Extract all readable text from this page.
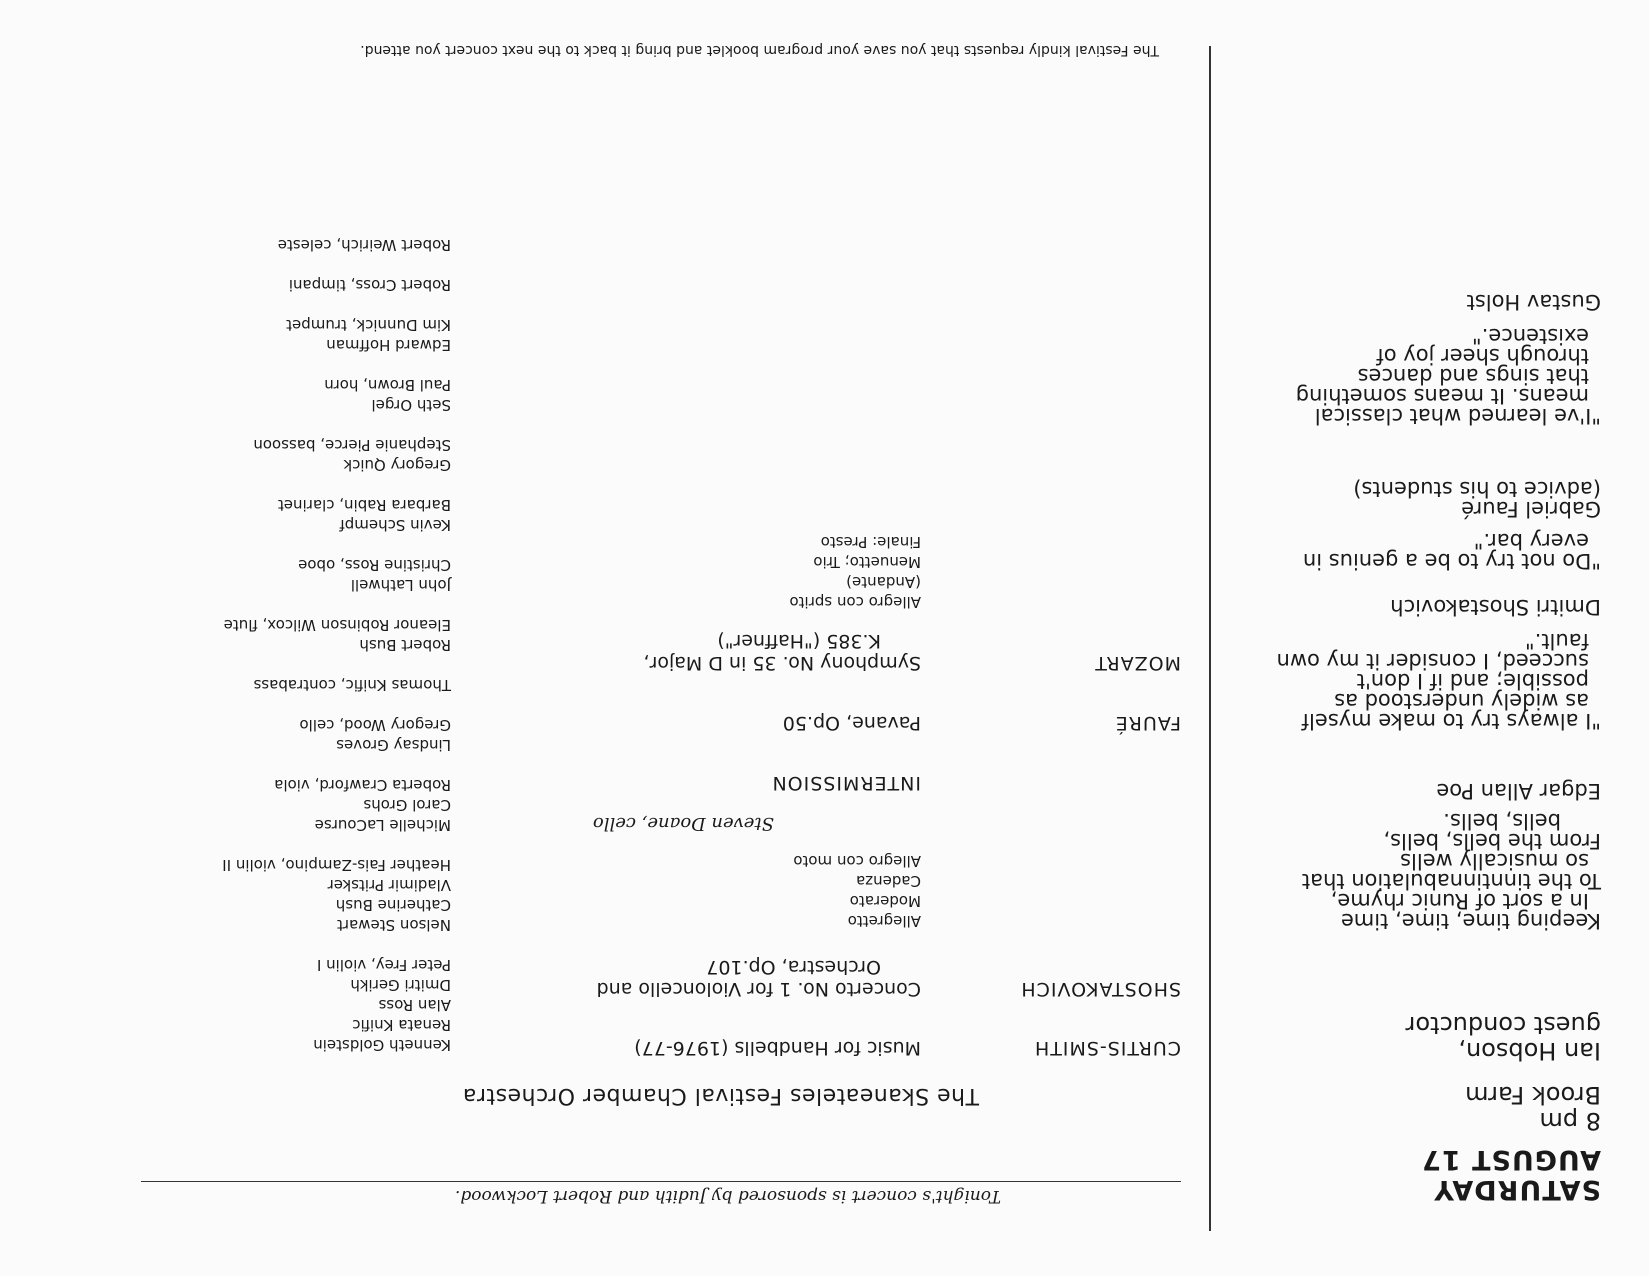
SATURDAY
AUGUST 17
8 pm
Brook Farm
Ian Hobson,
guest conductor
Keeping time, time, time
In a sort of Runic rhyme,
To the tinntinnabulation that
so musically wells
From the bells, bells,
bells, bells.
Edgar Allan Poe
"I always try to make myself
as widely understood as
possible; and if I don't
succeed, I consider it my own
fault."
Dmitri Shostakovich
"Do not try to be a genius in
every bar."
Gabriel Fauré
(advice to his students)
"I've learned what classical
means. It means something
that sings and dances
through sheer joy of
existence."
Gustav Holst
Tonight's concert is sponsored by Judith and Robert Lockwood.
The Skaneateles Festival Chamber Orchestra
CURTIS-SMITH
Music for Handbells (1976-77)
SHOSTAKOVICH
Concerto No. 1 for Violoncello and
Orchestra, Op.107
Allegretto
Moderato
Cadenza
Allegro con moto
Steven Doane, cello
INTERMISSION
FAURÉ
Pavane, Op.50
MOZART
Symphony No. 35 in D Major,
K.385 ("Haffner")
Allegro con sprito
(Andante)
Menuetto; Trio
Finale: Presto
Kenneth Goldstein
Renata Knific
Alan Ross
Dmitri Gerikh
Peter Frey, violin I
Nelson Stewart
Catherine Bush
Vladimir Pritsker
Heather Fais-Zampino, violin II
Michelle LaCourse
Carol Grohs
Roberta Crawford, viola
Lindsay Groves
Gregory Wood, cello
Thomas Knific, contrabass
Robert Bush
Eleanor Robinson Wilcox, flute
John Lathwell
Christine Ross, oboe
Kevin Schempf
Barbara Rabin, clarinet
Gregory Quick
Stephanie Pierce, bassoon
Seth Orgel
Paul Brown, horn
Edward Hoffman
Kim Dunnick, trumpet
Robert Cross, timpani
Robert Weirich, celeste
The Festival kindly requests that you save your program booklet and bring it back to the next concert you attend.
